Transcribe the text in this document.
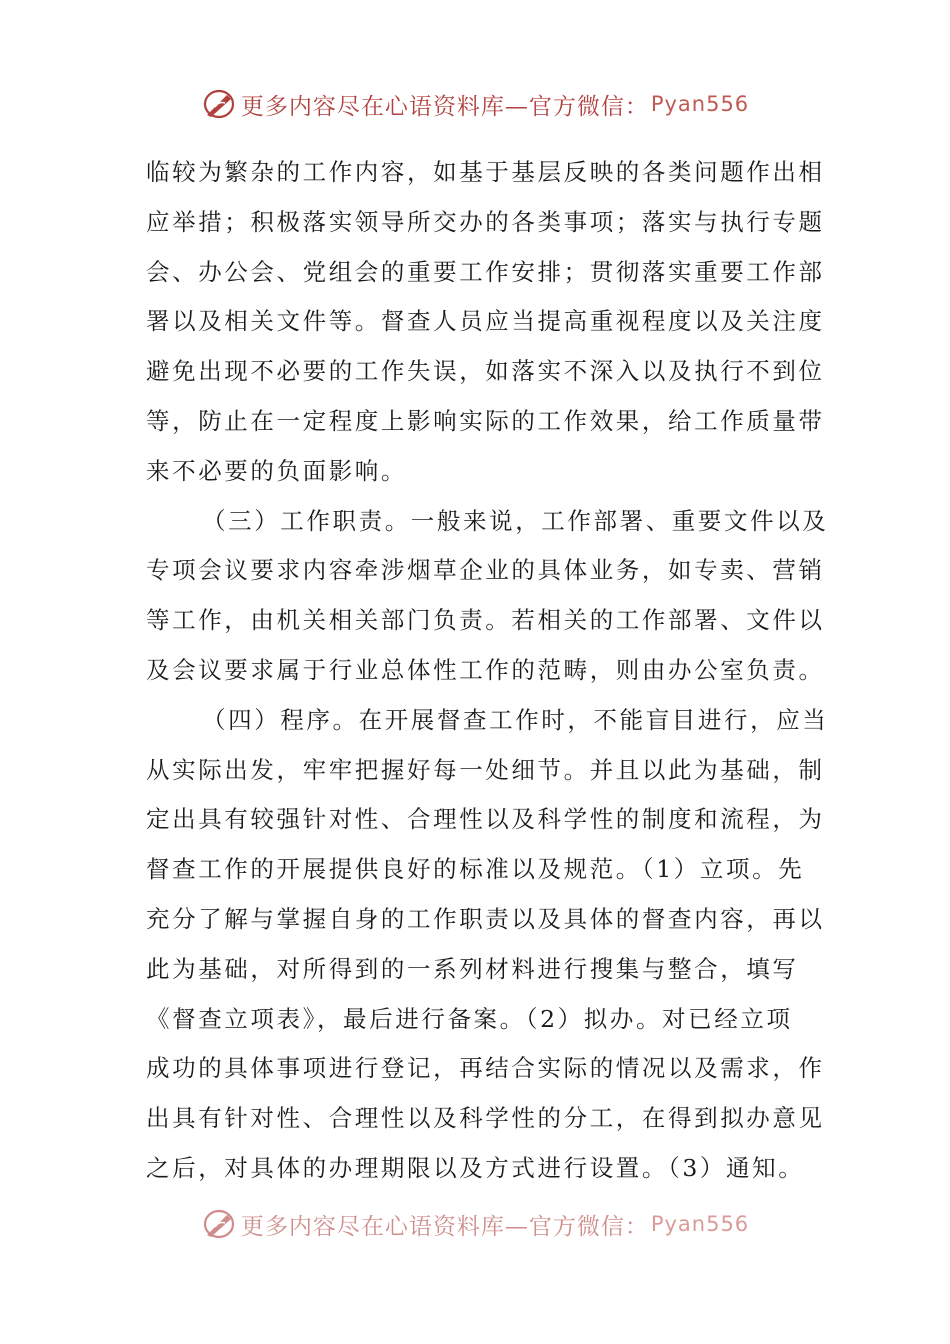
更多内容尽在心语资料库—官方微信： Pyan556
临较为繁杂的工作内容，如基于基层反映的各类问题作出相
应举措；积极落实领导所交办的各类事项；落实与执行专题
会、办公会、党组会的重要工作安排；贯彻落实重要工作部
署以及相关文件等。督查人员应当提高重视程度以及关注度
避免出现不必要的工作失误，如落实不深入以及执行不到位
等，防止在一定程度上影响实际的工作效果，给工作质量带
来不必要的负面影响。
（三）工作职责。一般来说，工作部署、重要文件以及
专项会议要求内容牵涉烟草企业的具体业务，如专卖、营销
等工作，由机关相关部门负责。若相关的工作部署、文件以
及会议要求属于行业总体性工作的范畴，则由办公室负责。
（四）程序。在开展督查工作时，不能盲目进行，应当
从实际出发，牢牢把握好每一处细节。并且以此为基础，制
定出具有较强针对性、合理性以及科学性的制度和流程，为
督查工作的开展提供良好的标准以及规范。（1）立项。先
充分了解与掌握自身的工作职责以及具体的督查内容，再以
此为基础，对所得到的一系列材料进行搜集与整合，填写
《督查立项表》，最后进行备案。（2）拟办。对已经立项
成功的具体事项进行登记，再结合实际的情况以及需求，作
出具有针对性、合理性以及科学性的分工，在得到拟办意见
之后，对具体的办理期限以及方式进行设置。（3）通知。
更多内容尽在心语资料库—官方微信： Pyan556
